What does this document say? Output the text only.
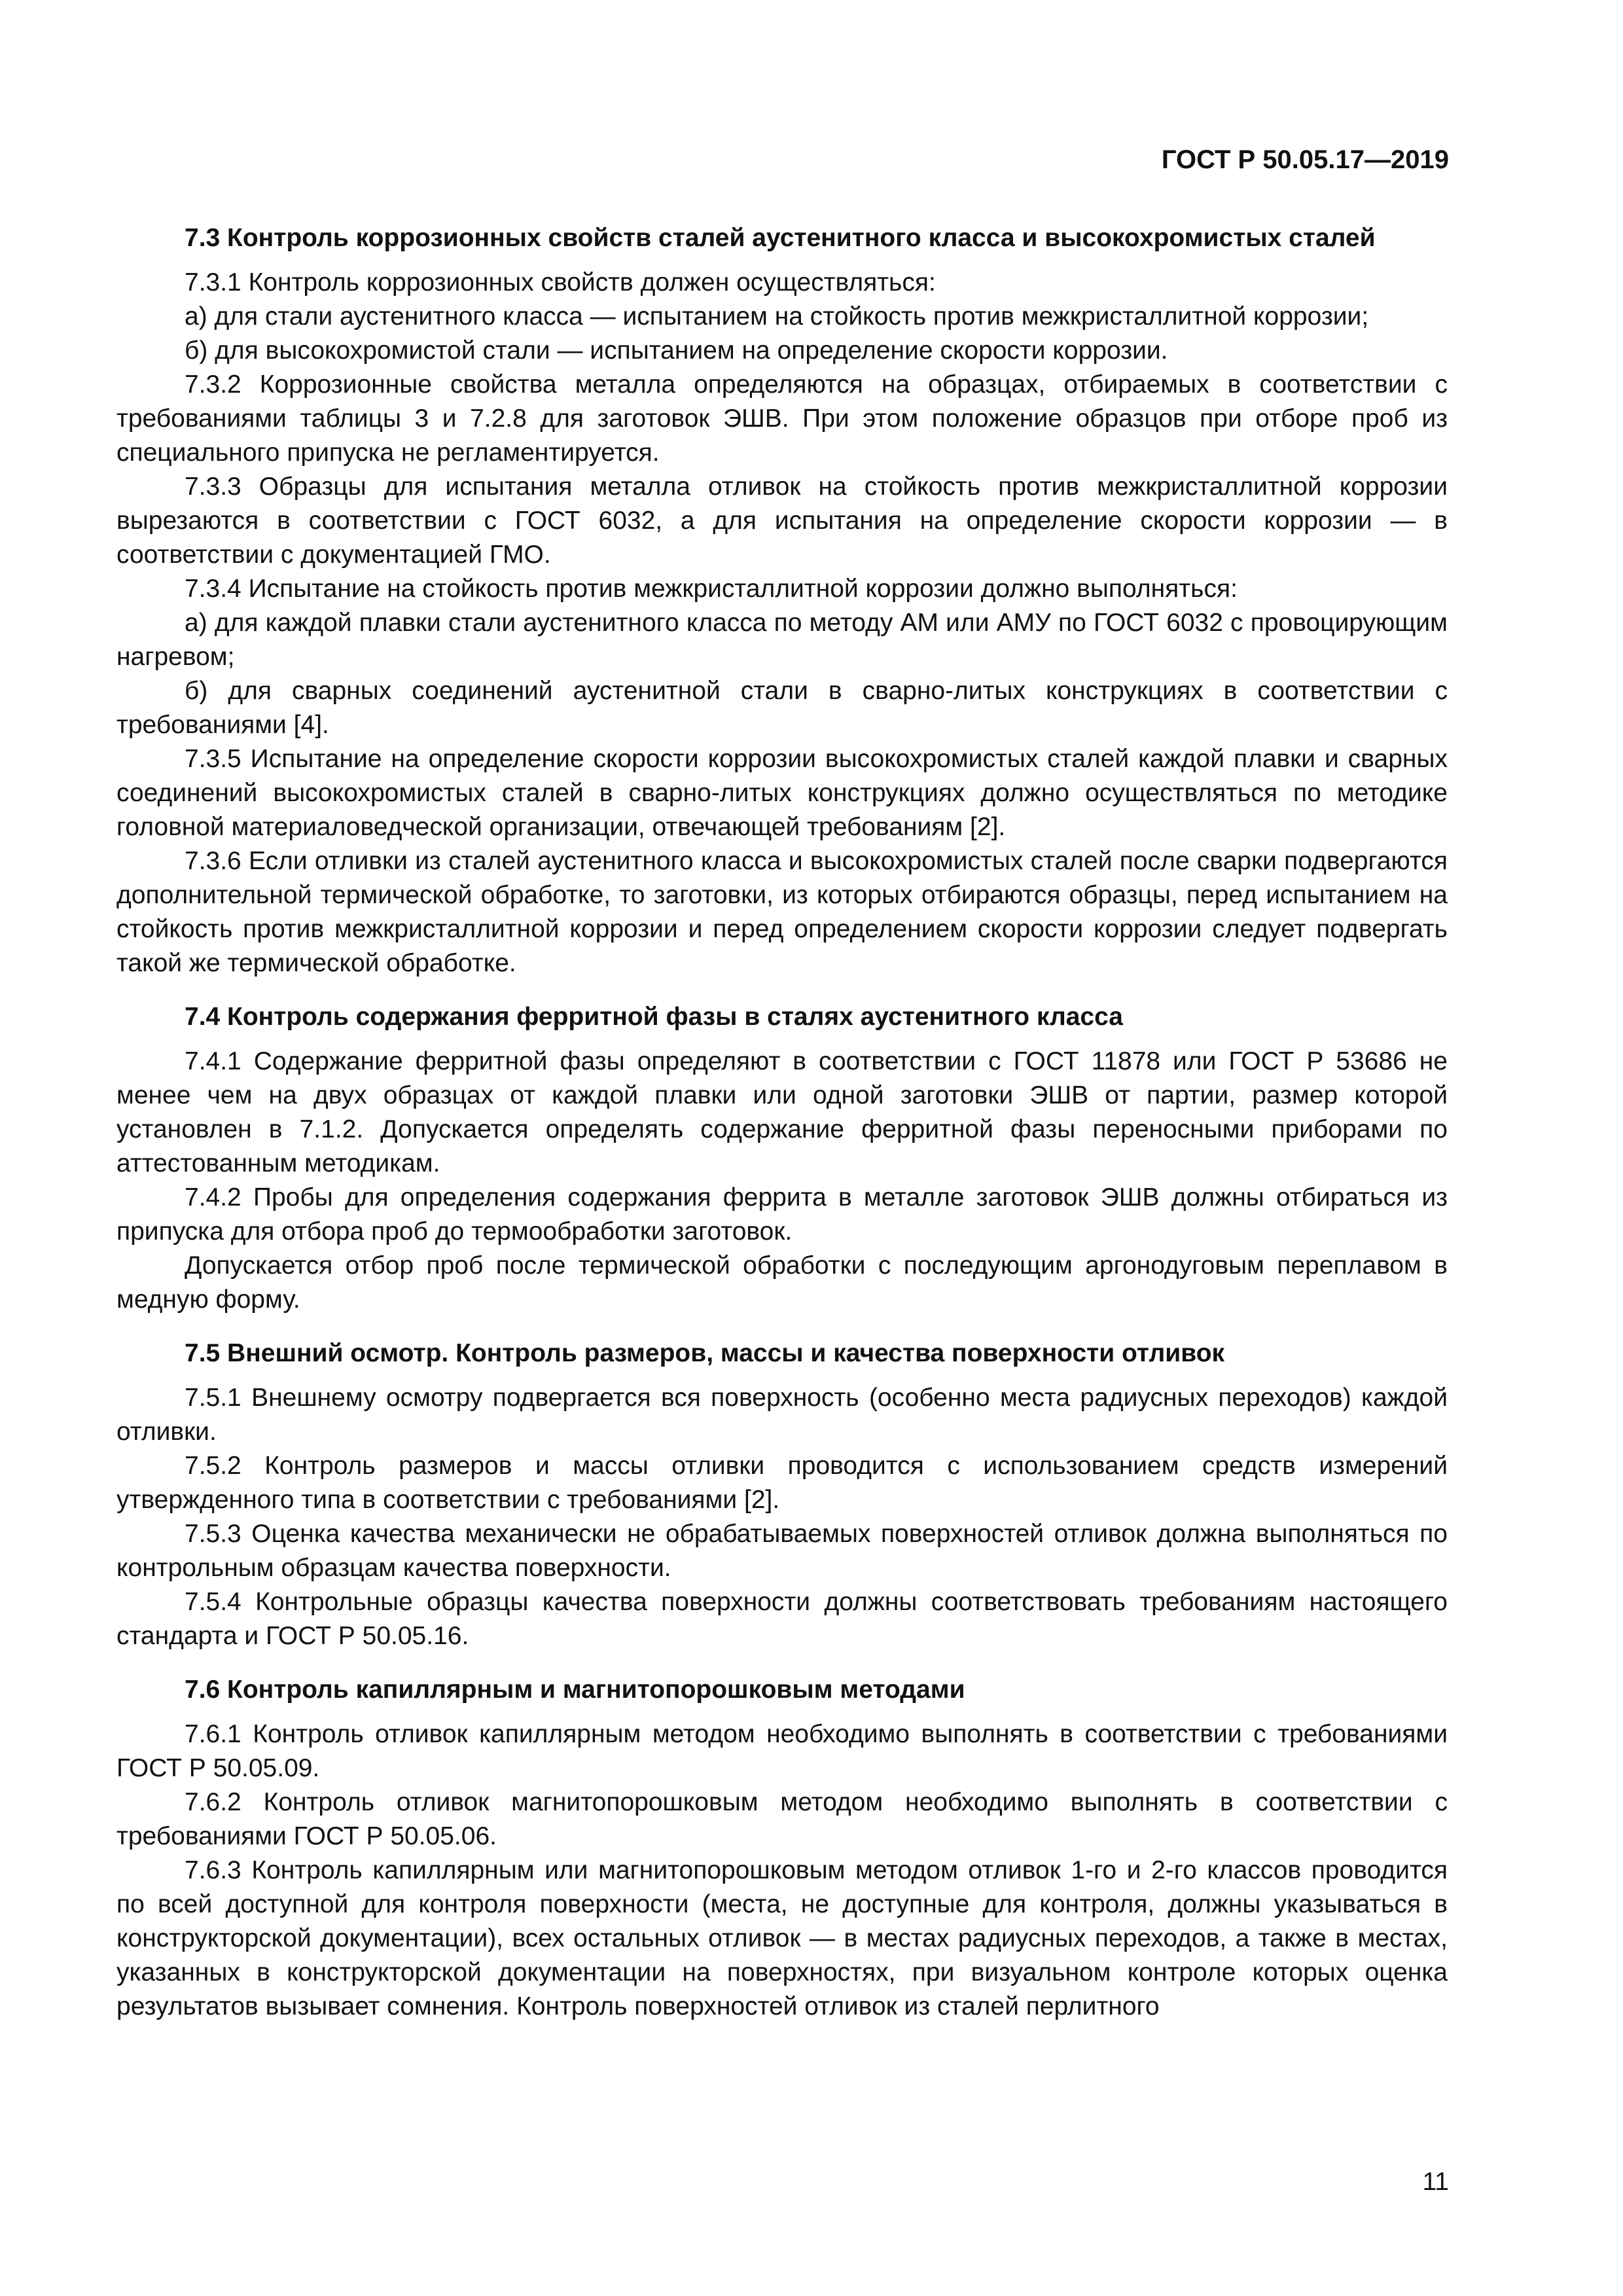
ГОСТ Р 50.05.17—2019
7.3 Контроль коррозионных свойств сталей аустенитного класса и высокохромистых сталей

7.3.1 Контроль коррозионных свойств должен осуществляться:

а) для стали аустенитного класса — испытанием на стойкость против межкристаллитной коррозии;

б) для высокохромистой стали — испытанием на определение скорости коррозии.

7.3.2 Коррозионные свойства металла определяются на образцах, отбираемых в соответствии с требованиями таблицы 3 и 7.2.8 для заготовок ЭШВ. При этом положение образцов при отборе проб из специального припуска не регламентируется.

7.3.3 Образцы для испытания металла отливок на стойкость против межкристаллитной коррозии вырезаются в соответствии с ГОСТ 6032, а для испытания на определение скорости коррозии — в соответствии с документацией ГМО.

7.3.4 Испытание на стойкость против межкристаллитной коррозии должно выполняться:

а) для каждой плавки стали аустенитного класса по методу АМ или АМУ по ГОСТ 6032 с провоцирующим нагревом;

б) для сварных соединений аустенитной стали в сварно-литых конструкциях в соответствии с требованиями [4].

7.3.5 Испытание на определение скорости коррозии высокохромистых сталей каждой плавки и сварных соединений высокохромистых сталей в сварно-литых конструкциях должно осуществляться по методике головной материаловедческой организации, отвечающей требованиям [2].

7.3.6 Если отливки из сталей аустенитного класса и высокохромистых сталей после сварки подвергаются дополнительной термической обработке, то заготовки, из которых отбираются образцы, перед испытанием на стойкость против межкристаллитной коррозии и перед определением скорости коррозии следует подвергать такой же термической обработке.

7.4 Контроль содержания ферритной фазы в сталях аустенитного класса

7.4.1 Содержание ферритной фазы определяют в соответствии с ГОСТ 11878 или ГОСТ Р 53686 не менее чем на двух образцах от каждой плавки или одной заготовки ЭШВ от партии, размер которой установлен в 7.1.2. Допускается определять содержание ферритной фазы переносными приборами по аттестованным методикам.

7.4.2 Пробы для определения содержания феррита в металле заготовок ЭШВ должны отбираться из припуска для отбора проб до термообработки заготовок.

Допускается отбор проб после термической обработки с последующим аргонодуговым переплавом в медную форму.

7.5 Внешний осмотр. Контроль размеров, массы и качества поверхности отливок

7.5.1 Внешнему осмотру подвергается вся поверхность (особенно места радиусных переходов) каждой отливки.

7.5.2 Контроль размеров и массы отливки проводится с использованием средств измерений утвержденного типа в соответствии с требованиями [2].

7.5.3 Оценка качества механически не обрабатываемых поверхностей отливок должна выполняться по контрольным образцам качества поверхности.

7.5.4 Контрольные образцы качества поверхности должны соответствовать требованиям настоящего стандарта и ГОСТ Р 50.05.16.

7.6 Контроль капиллярным и магнитопорошковым методами

7.6.1 Контроль отливок капиллярным методом необходимо выполнять в соответствии с требованиями ГОСТ Р 50.05.09.

7.6.2 Контроль отливок магнитопорошковым методом необходимо выполнять в соответствии с требованиями ГОСТ Р 50.05.06.

7.6.3 Контроль капиллярным или магнитопорошковым методом отливок 1-го и 2-го классов проводится по всей доступной для контроля поверхности (места, не доступные для контроля, должны указываться в конструкторской документации), всех остальных отливок — в местах радиусных переходов, а также в местах, указанных в конструкторской документации на поверхностях, при визуальном контроле которых оценка результатов вызывает сомнения. Контроль поверхностей отливок из сталей перлитного

11
